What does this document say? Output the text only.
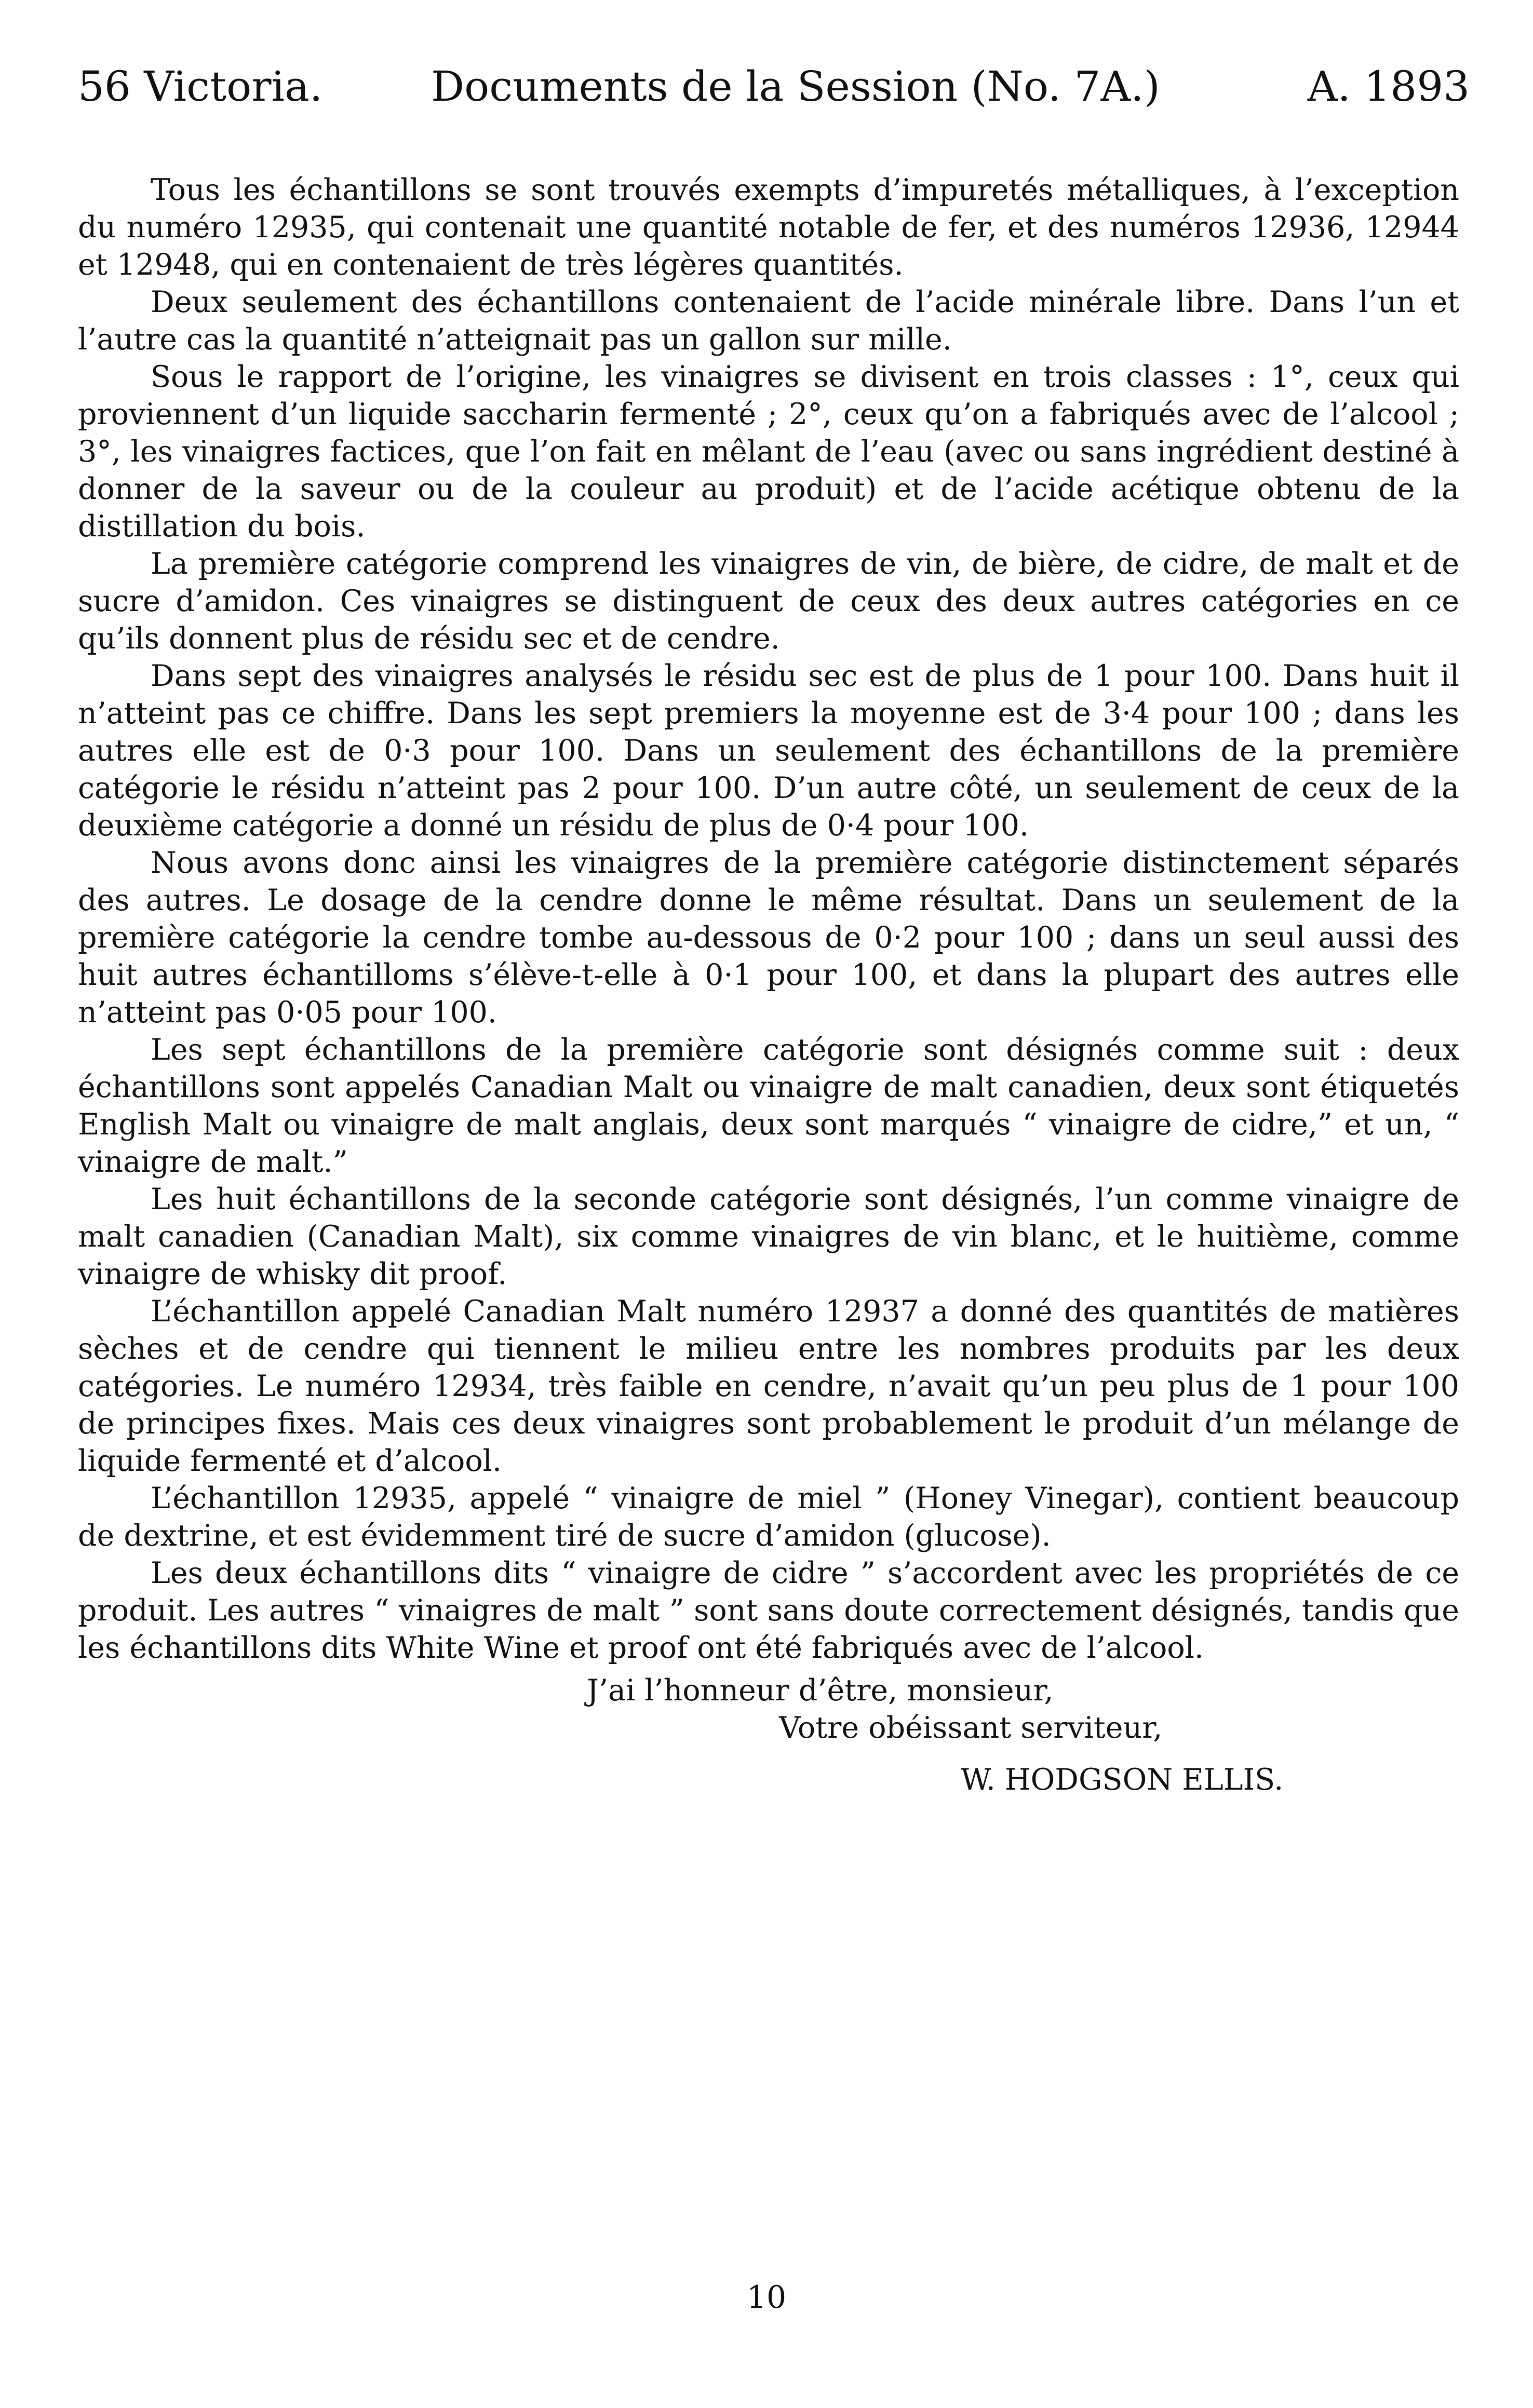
56 Victoria.	Documents de la Session (No. 7A.)	A. 1893

Tous les échantillons se sont trouvés exempts d’impuretés métalliques, à l’exception du numéro 12935, qui contenait une quantité notable de fer, et des numéros 12936, 12944 et 12948, qui en contenaient de très légères quantités.

Deux seulement des échantillons contenaient de l’acide minérale libre. Dans l’un et l’autre cas la quantité n’atteignait pas un gallon sur mille.

Sous le rapport de l’origine, les vinaigres se divisent en trois classes : 1°, ceux qui proviennent d’un liquide saccharin fermenté ; 2°, ceux qu’on a fabriqués avec de l’alcool ; 3°, les vinaigres factices, que l’on fait en mêlant de l’eau (avec ou sans ingrédient destiné à donner de la saveur ou de la couleur au produit) et de l’acide acétique obtenu de la distillation du bois.

La première catégorie comprend les vinaigres de vin, de bière, de cidre, de malt et de sucre d’amidon. Ces vinaigres se distinguent de ceux des deux autres catégories en ce qu’ils donnent plus de résidu sec et de cendre.

Dans sept des vinaigres analysés le résidu sec est de plus de 1 pour 100. Dans huit il n’atteint pas ce chiffre. Dans les sept premiers la moyenne est de 3·4 pour 100 ; dans les autres elle est de 0·3 pour 100. Dans un seulement des échantillons de la première catégorie le résidu n’atteint pas 2 pour 100. D’un autre côté, un seulement de ceux de la deuxième catégorie a donné un résidu de plus de 0·4 pour 100.

Nous avons donc ainsi les vinaigres de la première catégorie distinctement séparés des autres. Le dosage de la cendre donne le même résultat. Dans un seulement de la première catégorie la cendre tombe au-dessous de 0·2 pour 100 ; dans un seul aussi des huit autres échantilloms s’élève-t-elle à 0·1 pour 100, et dans la plupart des autres elle n’atteint pas 0·05 pour 100.

Les sept échantillons de la première catégorie sont désignés comme suit : deux échantillons sont appelés Canadian Malt ou vinaigre de malt canadien, deux sont étiquetés English Malt ou vinaigre de malt anglais, deux sont marqués “ vinaigre de cidre,” et un, “ vinaigre de malt.”

Les huit échantillons de la seconde catégorie sont désignés, l’un comme vinaigre de malt canadien (Canadian Malt), six comme vinaigres de vin blanc, et le huitième, comme vinaigre de whisky dit proof.

L’échantillon appelé Canadian Malt numéro 12937 a donné des quantités de matières sèches et de cendre qui tiennent le milieu entre les nombres produits par les deux catégories. Le numéro 12934, très faible en cendre, n’avait qu’un peu plus de 1 pour 100 de principes fixes. Mais ces deux vinaigres sont probablement le produit d’un mélange de liquide fermenté et d’alcool.

L’échantillon 12935, appelé “ vinaigre de miel ” (Honey Vinegar), contient beaucoup de dextrine, et est évidemment tiré de sucre d’amidon (glucose).

Les deux échantillons dits “ vinaigre de cidre ” s’accordent avec les propriétés de ce produit. Les autres “ vinaigres de malt ” sont sans doute correctement désignés, tandis que les échantillons dits White Wine et proof ont été fabriqués avec de l’alcool.

J’ai l’honneur d’être, monsieur,
Votre obéissant serviteur,
W. HODGSON ELLIS.
10
